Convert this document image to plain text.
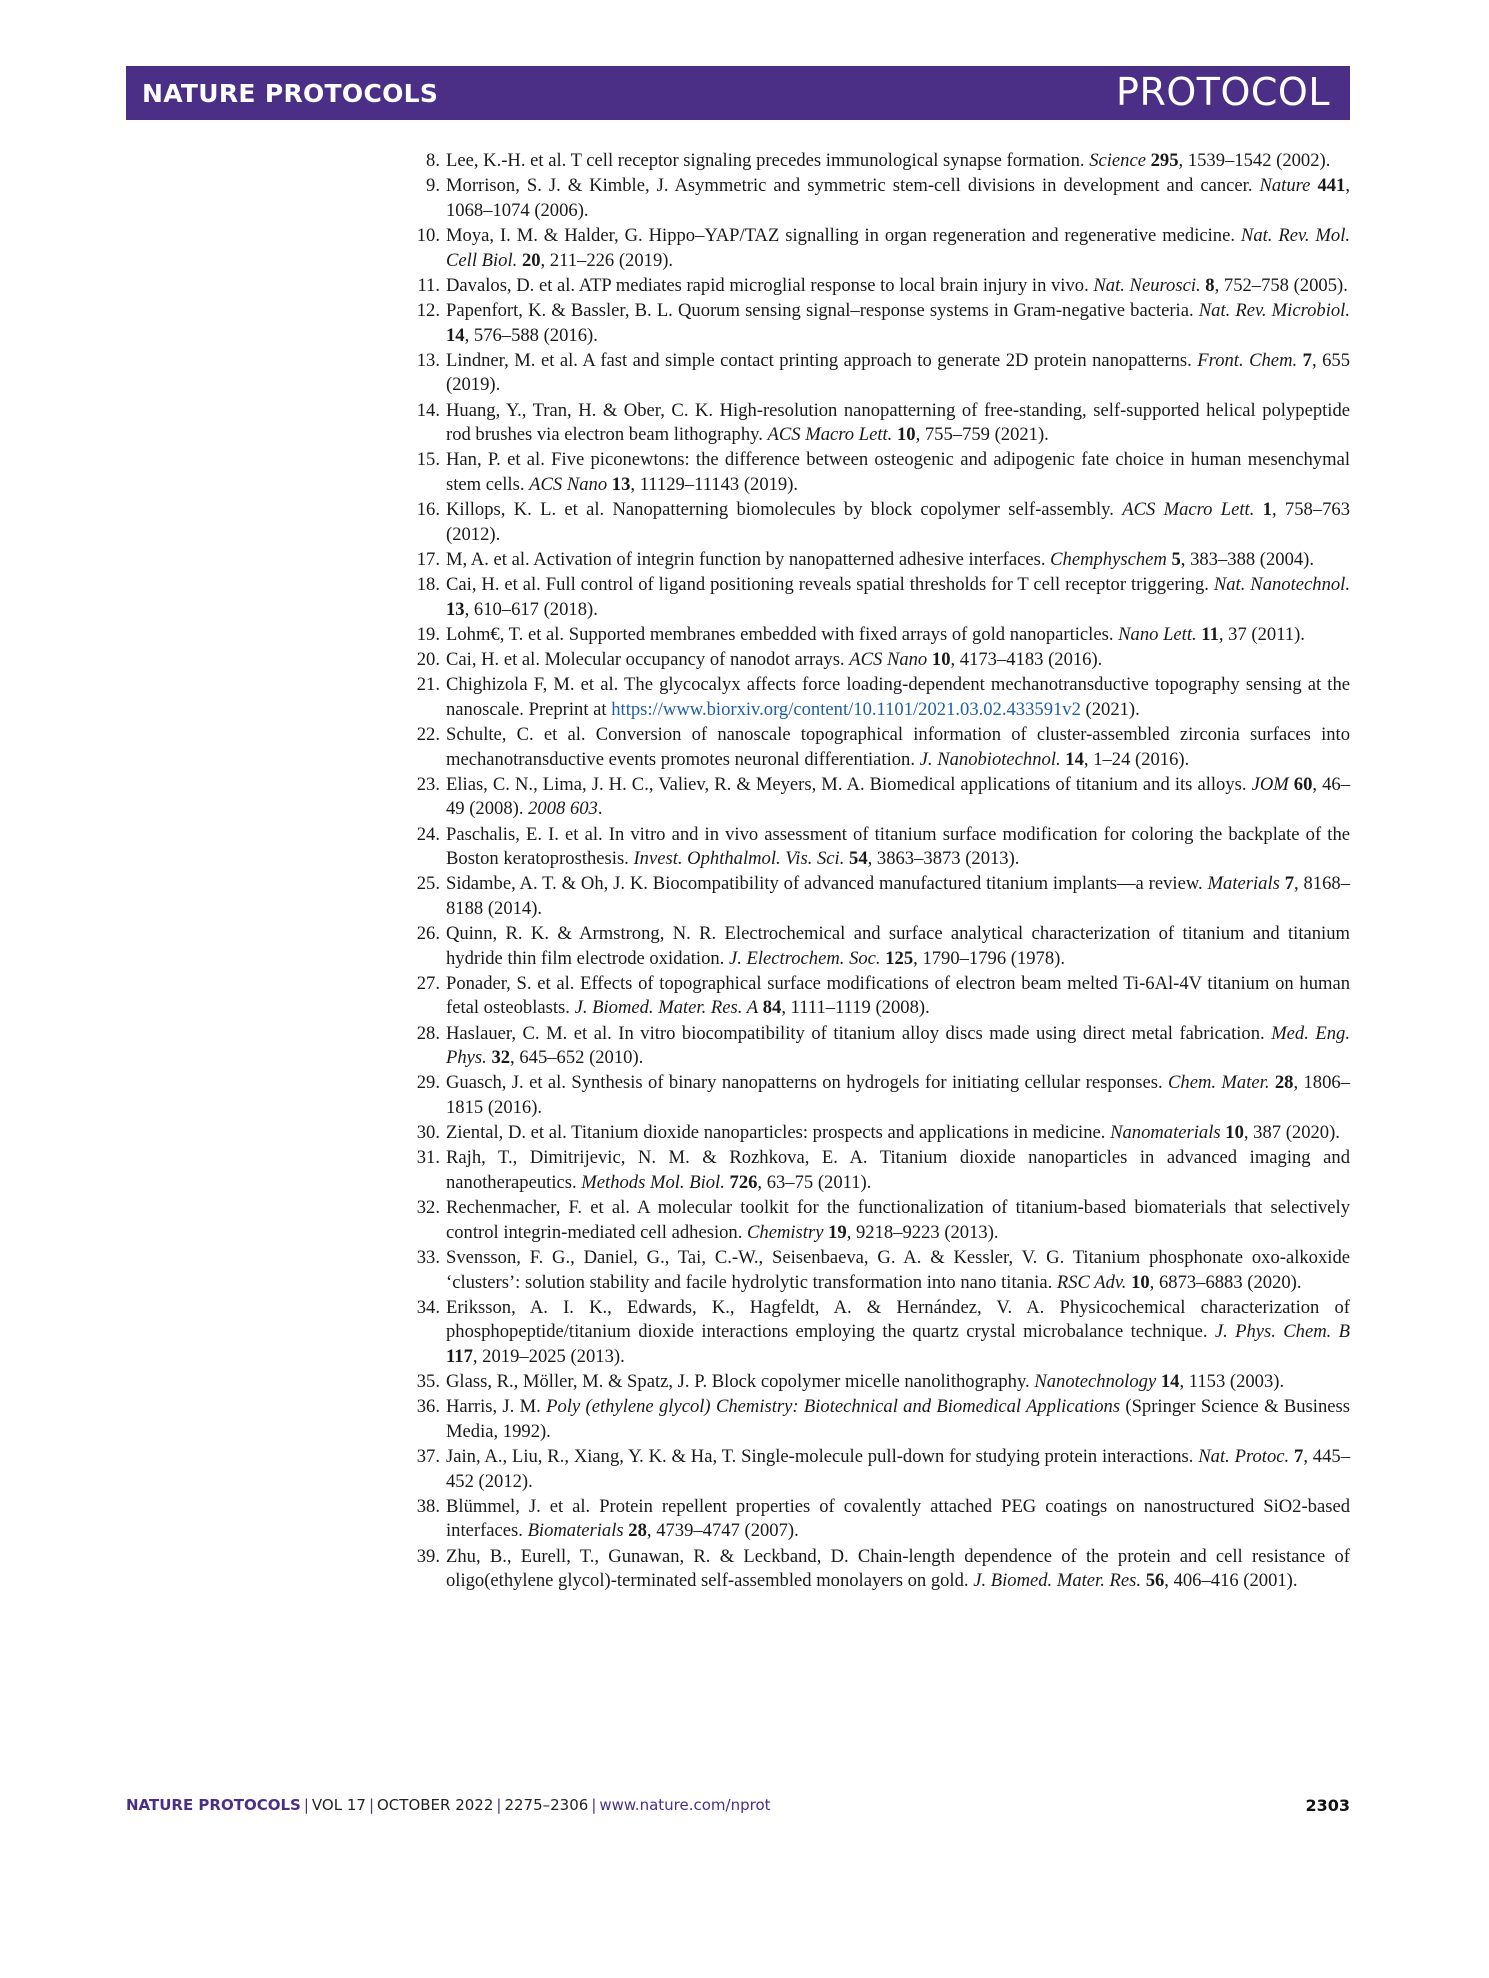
NATURE PROTOCOLS	PROTOCOL
8. Lee, K.-H. et al. T cell receptor signaling precedes immunological synapse formation. Science 295, 1539–1542 (2002).
9. Morrison, S. J. & Kimble, J. Asymmetric and symmetric stem-cell divisions in development and cancer. Nature 441, 1068–1074 (2006).
10. Moya, I. M. & Halder, G. Hippo–YAP/TAZ signalling in organ regeneration and regenerative medicine. Nat. Rev. Mol. Cell Biol. 20, 211–226 (2019).
11. Davalos, D. et al. ATP mediates rapid microglial response to local brain injury in vivo. Nat. Neurosci. 8, 752–758 (2005).
12. Papenfort, K. & Bassler, B. L. Quorum sensing signal–response systems in Gram-negative bacteria. Nat. Rev. Microbiol. 14, 576–588 (2016).
13. Lindner, M. et al. A fast and simple contact printing approach to generate 2D protein nanopatterns. Front. Chem. 7, 655 (2019).
14. Huang, Y., Tran, H. & Ober, C. K. High-resolution nanopatterning of free-standing, self-supported helical polypeptide rod brushes via electron beam lithography. ACS Macro Lett. 10, 755–759 (2021).
15. Han, P. et al. Five piconewtons: the difference between osteogenic and adipogenic fate choice in human mesenchymal stem cells. ACS Nano 13, 11129–11143 (2019).
16. Killops, K. L. et al. Nanopatterning biomolecules by block copolymer self-assembly. ACS Macro Lett. 1, 758–763 (2012).
17. M, A. et al. Activation of integrin function by nanopatterned adhesive interfaces. Chemphyschem 5, 383–388 (2004).
18. Cai, H. et al. Full control of ligand positioning reveals spatial thresholds for T cell receptor triggering. Nat. Nanotechnol. 13, 610–617 (2018).
19. Lohm€, T. et al. Supported membranes embedded with fixed arrays of gold nanoparticles. Nano Lett. 11, 37 (2011).
20. Cai, H. et al. Molecular occupancy of nanodot arrays. ACS Nano 10, 4173–4183 (2016).
21. Chighizola F, M. et al. The glycocalyx affects force loading-dependent mechanotransductive topography sensing at the nanoscale. Preprint at https://www.biorxiv.org/content/10.1101/2021.03.02.433591v2 (2021).
22. Schulte, C. et al. Conversion of nanoscale topographical information of cluster-assembled zirconia surfaces into mechanotransductive events promotes neuronal differentiation. J. Nanobiotechnol. 14, 1–24 (2016).
23. Elias, C. N., Lima, J. H. C., Valiev, R. & Meyers, M. A. Biomedical applications of titanium and its alloys. JOM 60, 46–49 (2008). 2008 603.
24. Paschalis, E. I. et al. In vitro and in vivo assessment of titanium surface modification for coloring the backplate of the Boston keratoprosthesis. Invest. Ophthalmol. Vis. Sci. 54, 3863–3873 (2013).
25. Sidambe, A. T. & Oh, J. K. Biocompatibility of advanced manufactured titanium implants—a review. Materials 7, 8168–8188 (2014).
26. Quinn, R. K. & Armstrong, N. R. Electrochemical and surface analytical characterization of titanium and titanium hydride thin film electrode oxidation. J. Electrochem. Soc. 125, 1790–1796 (1978).
27. Ponader, S. et al. Effects of topographical surface modifications of electron beam melted Ti-6Al-4V titanium on human fetal osteoblasts. J. Biomed. Mater. Res. A 84, 1111–1119 (2008).
28. Haslauer, C. M. et al. In vitro biocompatibility of titanium alloy discs made using direct metal fabrication. Med. Eng. Phys. 32, 645–652 (2010).
29. Guasch, J. et al. Synthesis of binary nanopatterns on hydrogels for initiating cellular responses. Chem. Mater. 28, 1806–1815 (2016).
30. Ziental, D. et al. Titanium dioxide nanoparticles: prospects and applications in medicine. Nanomaterials 10, 387 (2020).
31. Rajh, T., Dimitrijevic, N. M. & Rozhkova, E. A. Titanium dioxide nanoparticles in advanced imaging and nanotherapeutics. Methods Mol. Biol. 726, 63–75 (2011).
32. Rechenmacher, F. et al. A molecular toolkit for the functionalization of titanium-based biomaterials that selectively control integrin-mediated cell adhesion. Chemistry 19, 9218–9223 (2013).
33. Svensson, F. G., Daniel, G., Tai, C.-W., Seisenbaeva, G. A. & Kessler, V. G. Titanium phosphonate oxo-alkoxide ‘clusters’: solution stability and facile hydrolytic transformation into nano titania. RSC Adv. 10, 6873–6883 (2020).
34. Eriksson, A. I. K., Edwards, K., Hagfeldt, A. & Hernández, V. A. Physicochemical characterization of phosphopeptide/titanium dioxide interactions employing the quartz crystal microbalance technique. J. Phys. Chem. B 117, 2019–2025 (2013).
35. Glass, R., Möller, M. & Spatz, J. P. Block copolymer micelle nanolithography. Nanotechnology 14, 1153 (2003).
36. Harris, J. M. Poly (ethylene glycol) Chemistry: Biotechnical and Biomedical Applications (Springer Science & Business Media, 1992).
37. Jain, A., Liu, R., Xiang, Y. K. & Ha, T. Single-molecule pull-down for studying protein interactions. Nat. Protoc. 7, 445–452 (2012).
38. Blümmel, J. et al. Protein repellent properties of covalently attached PEG coatings on nanostructured SiO2-based interfaces. Biomaterials 28, 4739–4747 (2007).
39. Zhu, B., Eurell, T., Gunawan, R. & Leckband, D. Chain-length dependence of the protein and cell resistance of oligo(ethylene glycol)-terminated self-assembled monolayers on gold. J. Biomed. Mater. Res. 56, 406–416 (2001).
NATURE PROTOCOLS | VOL 17 | OCTOBER 2022 | 2275–2306 | www.nature.com/nprot	2303
